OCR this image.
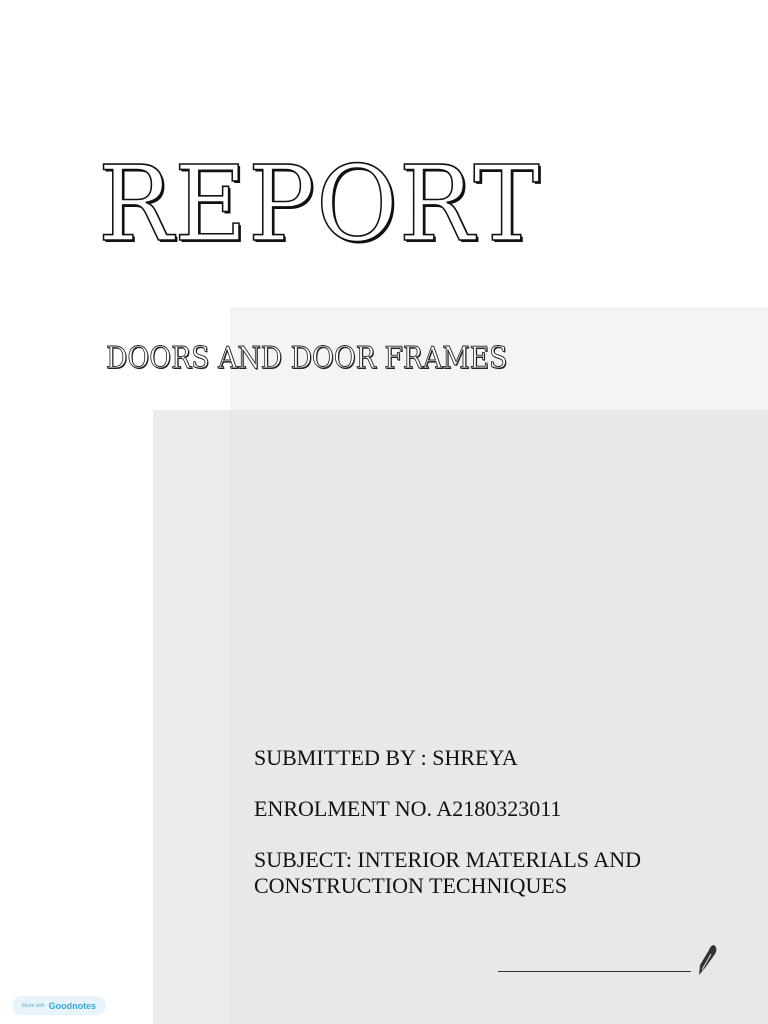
REPORT
DOORS AND DOOR FRAMES

SUBMITTED BY : SHREYA

ENROLMENT NO. A2180323011

SUBJECT: INTERIOR MATERIALS AND CONSTRUCTION TECHNIQUES

Made with Goodnotes
